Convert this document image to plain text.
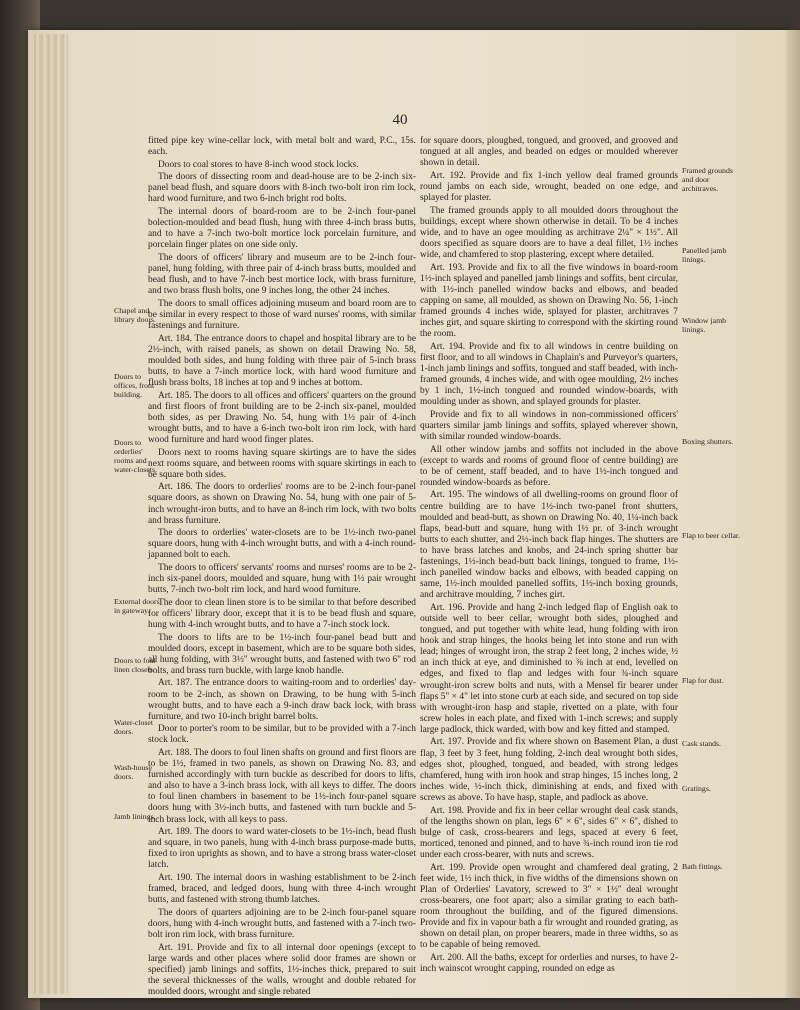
40

fitted pipe key wine-cellar lock, with metal bolt and ward, P.C., 15s. each.

Doors to coal stores to have 8-inch wood stock locks.

The doors of dissecting room and dead-house are to be 2-inch six-panel bead flush, and square doors with 8-inch two-bolt iron rim lock, hard wood furniture, and two 6-inch bright rod bolts.

The internal doors of board-room are to be 2-inch four-panel bolection-moulded and bead flush, hung with three 4-inch brass butts, and to have a 7-inch two-bolt mortice lock porcelain furniture, and porcelain finger plates on one side only.

The doors of officers' library and museum are to be 2-inch four-panel, hung folding, with three pair of 4-inch brass butts, moulded and bead flush, and to have 7-inch best mortice lock, with brass furniture, and two brass flush bolts, one 9 inches long, the other 24 inches.

The doors to small offices adjoining museum and board room are to be similar in every respect to those of ward nurses' rooms, with similar fastenings and furniture.

Art. 184. The entrance doors to chapel and hospital library are to be 2½-inch, with raised panels, as shown on detail Drawing No. 58, moulded both sides, and hung folding with three pair of 5-inch brass butts, to have a 7-inch mortice lock, with hard wood furniture and flush brass bolts, 18 inches at top and 9 inches at bottom.

Art. 185. The doors to all offices and officers' quarters on the ground and first floors of front building are to be 2-inch six-panel, moulded both sides, as per Drawing No. 54, hung with 1½ pair of 4-inch wrought butts, and to have a 6-inch two-bolt iron rim lock, with hard wood furniture and hard wood finger plates.

Doors next to rooms having square skirtings are to have the sides next rooms square, and between rooms with square skirtings in each to be square both sides.

Art. 186. The doors to orderlies' rooms are to be 2-inch four-panel square doors, as shown on Drawing No. 54, hung with one pair of 5-inch wrought-iron butts, and to have an 8-inch rim lock, with two bolts and brass furniture.

The doors to orderlies' water-closets are to be 1½-inch two-panel square doors, hung with 4-inch wrought butts, and with a 4-inch round-japanned bolt to each.

The doors to officers' servants' rooms and nurses' rooms are to be 2-inch six-panel doors, moulded and square, hung with 1½ pair wrought butts, 7-inch two-bolt rim lock, and hard wood furniture.

The door to clean linen store is to be similar to that before described for officers' library door, except that it is to be bead flush and square, hung with 4-inch wrought butts, and to have a 7-inch stock lock.

The doors to lifts are to be 1½-inch four-panel bead butt and moulded doors, except in basement, which are to be square both sides, all hung folding, with 3½" wrought butts, and fastened with two 6" rod bolts, and brass turn buckle, with large knob handle.

Art. 187. The entrance doors to waiting-room and to orderlies' day-room to be 2-inch, as shown on Drawing, to be hung with 5-inch wrought butts, and to have each a 9-inch draw back lock, with brass furniture, and two 10-inch bright barrel bolts.

Door to porter's room to be similar, but to be provided with a 7-inch stock lock.

Art. 188. The doors to foul linen shafts on ground and first floors are to be 1½, framed in two panels, as shown on Drawing No. 83, and furnished accordingly with turn buckle as described for doors to lifts, and also to have a 3-inch brass lock, with all keys to differ. The doors to foul linen chambers in basement to be 1½-inch four-panel square doors hung with 3½-inch butts, and fastened with turn buckle and 5-inch brass lock, with all keys to pass.

Art. 189. The doors to ward water-closets to be 1½-inch, bead flush and square, in two panels, hung with 4-inch brass purpose-made butts, fixed to iron uprights as shown, and to have a strong brass water-closet latch.

Art. 190. The internal doors in washing establishment to be 2-inch framed, braced, and ledged doors, hung with three 4-inch wrought butts, and fastened with strong thumb latches.

The doors of quarters adjoining are to be 2-inch four-panel square doors, hung with 4-inch wrought butts, and fastened with a 7-inch two-bolt iron rim lock, with brass furniture.

Art. 191. Provide and fix to all internal door openings (except to large wards and other places where solid door frames are shown or specified) jamb linings and soffits, 1½-inches thick, prepared to suit the several thicknesses of the walls, wrought and double rebated for moulded doors, wrought and single rebated

for square doors, ploughed, tongued, and grooved, and grooved and tongued at all angles, and beaded on edges or moulded wherever shown in detail.

Art. 192. Provide and fix 1-inch yellow deal framed grounds round jambs on each side, wrought, beaded on one edge, and splayed for plaster.

The framed grounds apply to all moulded doors throughout the buildings, except where shown otherwise in detail. To be 4 inches wide, and to have an ogee moulding as architrave 2¼" × 1½". All doors specified as square doors are to have a deal fillet, 1½ inches wide, and chamfered to stop plastering, except where detailed.

Art. 193. Provide and fix to all the five windows in board-room 1½-inch splayed and panelled jamb linings and soffits, bent circular, with 1½-inch panelled window backs and elbows, and beaded capping on same, all moulded, as shown on Drawing No. 56, 1-inch framed grounds 4 inches wide, splayed for plaster, architraves 7 inches girt, and square skirting to correspond with the skirting round the room.

Art. 194. Provide and fix to all windows in centre building on first floor, and to all windows in Chaplain's and Purveyor's quarters, 1-inch jamb linings and soffits, tongued and staff beaded, with inch-framed grounds, 4 inches wide, and with ogee moulding, 2½ inches by 1 inch, 1½-inch tongued and rounded window-boards, with moulding under as shown, and splayed grounds for plaster.

Provide and fix to all windows in non-commissioned officers' quarters similar jamb linings and soffits, splayed wherever shown, with similar rounded window-boards.

All other window jambs and soffits not included in the above (except to wards and rooms of ground floor of centre building) are to be of cement, staff beaded, and to have 1½-inch tongued and rounded window-boards as before.

Art. 195. The windows of all dwelling-rooms on ground floor of centre building are to have 1½-inch two-panel front shutters, moulded and bead-butt, as shown on Drawing No. 40, 1¼-inch back flaps, bead-butt and square, hung with 1½ pr. of 3-inch wrought butts to each shutter, and 2½-inch back flap hinges. The shutters are to have brass latches and knobs, and 24-inch spring shutter bar fastenings, 1½-inch bead-butt back linings, tongued to frame, 1½-inch panelled window backs and elbows, with beaded capping on same, 1½-inch moulded panelled soffits, 1½-inch boxing grounds, and architrave moulding, 7 inches girt.

Art. 196. Provide and hang 2-inch ledged flap of English oak to outside well to beer cellar, wrought both sides, ploughed and tongued, and put together with white lead, hung folding with iron hook and strap hinges, the hooks being let into stone and run with lead; hinges of wrought iron, the strap 2 feet long, 2 inches wide, ½ an inch thick at eye, and diminished to ⅜ inch at end, levelled on edges, and fixed to flap and ledges with four ¾-inch square wrought-iron screw bolts and nuts, with a Mensel fir bearer under flaps 5" × 4" let into stone curb at each side, and secured on top side with wrought-iron hasp and staple, rivetted on a plate, with four screw holes in each plate, and fixed with 1-inch screws; and supply large padlock, thick warded, with bow and key fitted and stamped.

Art. 197. Provide and fix where shown on Basement Plan, a dust flap, 3 feet by 3 feet, hung folding, 2-inch deal wrought both sides, edges shot, ploughed, tongued, and beaded, with strong ledges chamfered, hung with iron hook and strap hinges, 15 inches long, 2 inches wide, ½-inch thick, diminishing at ends, and fixed with screws as above. To have hasp, staple, and padlock as above.

Art. 198. Provide and fix in beer cellar wrought deal cask stands, of the lengths shown on plan, legs 6" × 6", sides 6" × 6", dished to bulge of cask, cross-bearers and legs, spaced at every 6 feet, morticed, tenoned and pinned, and to have ¾-inch round iron tie rod under each cross-bearer, with nuts and screws.

Art. 199. Provide open wrought and chamfered deal grating, 2 feet wide, 1½ inch thick, in five widths of the dimensions shown on Plan of Orderlies' Lavatory, screwed to 3" × 1½" deal wrought cross-bearers, one foot apart; also a similar grating to each bath-room throughout the building, and of the figured dimensions. Provide and fix in vapour bath a fir wrought and rounded grating, as shown on detail plan, on proper bearers, made in three widths, so as to be capable of being removed.

Art. 200. All the baths, except for orderlies and nurses, to have 2-inch wainscot wrought capping, rounded on edge as

Chapel and library doors.
Doors to offices, front building.
Doors to orderlies' rooms and water-closets.
External doors in gateway.
Doors to foul linen closets.
Water-closet doors.
Wash-house doors.
Jamb linings.
Framed grounds and door architraves.
Panelled jamb linings.
Window jamb linings.
Boxing shutters.
Flap to beer cellar.
Flap for dust.
Cask stands.
Gratings.
Bath fittings.
